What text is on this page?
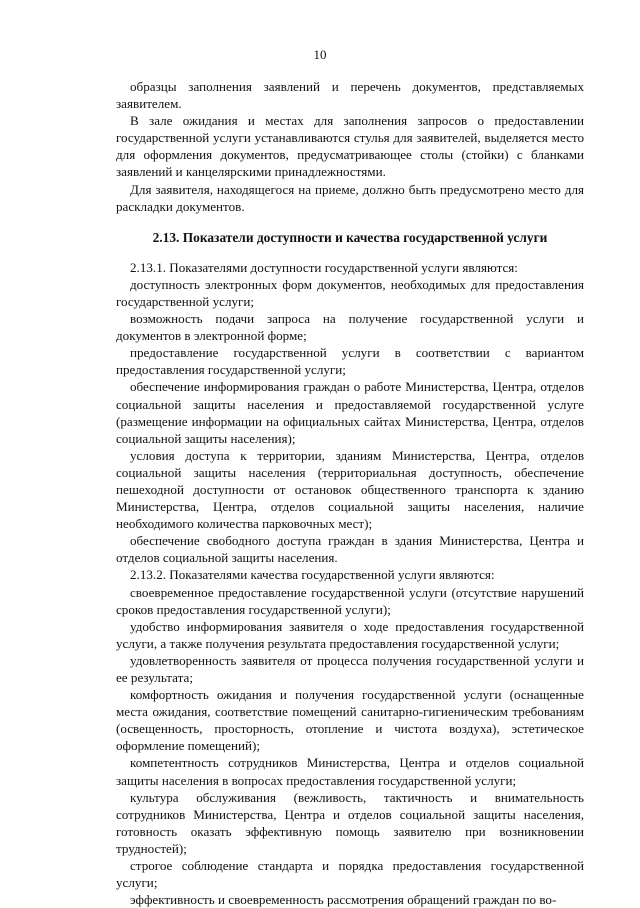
10

образцы заполнения заявлений и перечень документов, представляемых заявителем.

В зале ожидания и местах для заполнения запросов о предоставлении государственной услуги устанавливаются стулья для заявителей, выделяется место для оформления документов, предусматривающее столы (стойки) с бланками заявлений и канцелярскими принадлежностями.

Для заявителя, находящегося на приеме, должно быть предусмотрено место для раскладки документов.

2.13. Показатели доступности и качества государственной услуги

2.13.1. Показателями доступности государственной услуги являются:

доступность электронных форм документов, необходимых для предоставления государственной услуги;

возможность подачи запроса на получение государственной услуги и документов в электронной форме;

предоставление государственной услуги в соответствии с вариантом предоставления государственной услуги;

обеспечение информирования граждан о работе Министерства, Центра, отделов социальной защиты населения и предоставляемой государственной услуге (размещение информации на официальных сайтах Министерства, Центра, отделов социальной защиты населения);

условия доступа к территории, зданиям Министерства, Центра, отделов социальной защиты населения (территориальная доступность, обеспечение пешеходной доступности от остановок общественного транспорта к зданию Министерства, Центра, отделов социальной защиты населения, наличие необходимого количества парковочных мест);

обеспечение свободного доступа граждан в здания Министерства, Центра и отделов социальной защиты населения.

2.13.2. Показателями качества государственной услуги являются:

своевременное предоставление государственной услуги (отсутствие нарушений сроков предоставления государственной услуги);

удобство информирования заявителя о ходе предоставления государственной услуги, а также получения результата предоставления государственной услуги;

удовлетворенность заявителя от процесса получения государственной услуги и ее результата;

комфортность ожидания и получения государственной услуги (оснащенные места ожидания, соответствие помещений санитарно-гигиеническим требованиям (освещенность, просторность, отопление и чистота воздуха), эстетическое оформление помещений);

компетентность сотрудников Министерства, Центра и отделов социальной защиты населения в вопросах предоставления государственной услуги;

культура обслуживания (вежливость, тактичность и внимательность сотрудников Министерства, Центра и отделов социальной защиты населения, готовность оказать эффективную помощь заявителю при возникновении трудностей);

строгое соблюдение стандарта и порядка предоставления государственной услуги;

эффективность и своевременность рассмотрения обращений граждан по во-
